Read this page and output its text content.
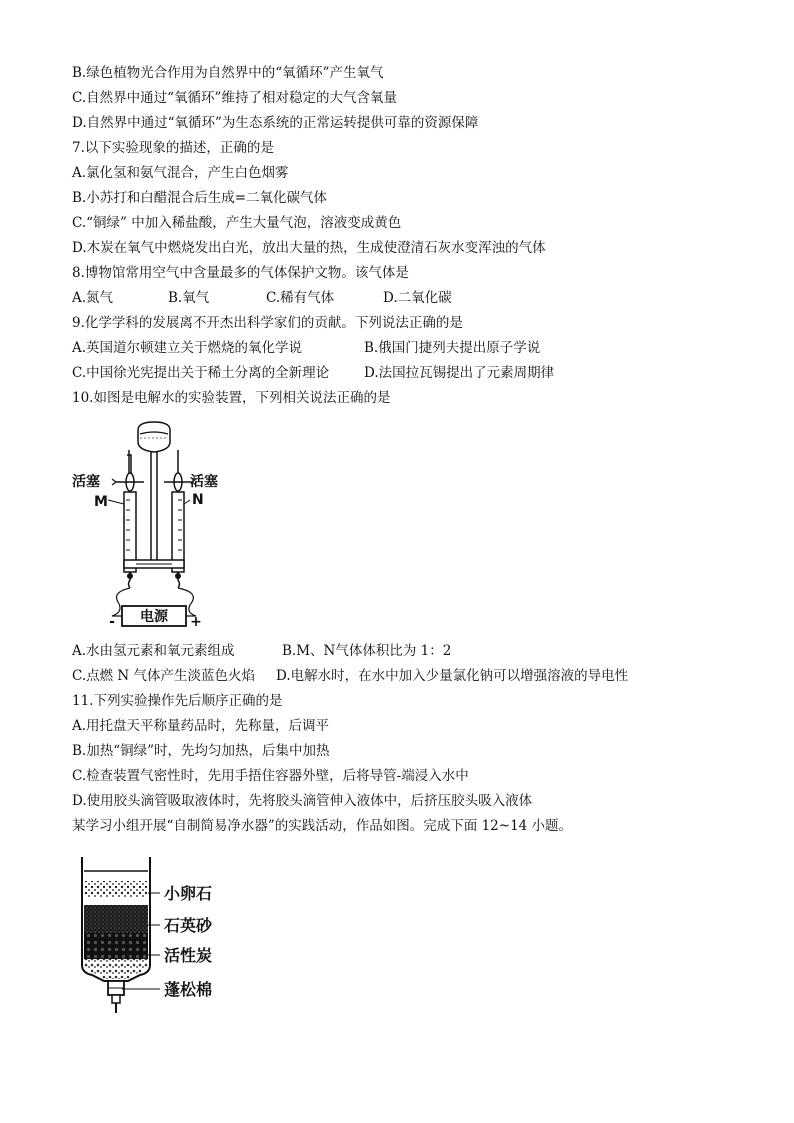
B.绿色植物光合作用为自然界中的“氧循环”产生氧气
C.自然界中通过“氧循环”维持了相对稳定的大气含氧量
D.自然界中通过“氧循环”为生态系统的正常运转提供可靠的资源保障
7.以下实验现象的描述，正确的是
A.氯化氢和氨气混合，产生白色烟雾
B.小苏打和白醋混合后生成=二氧化碳气体
C.“铜绿” 中加入稀盐酸，产生大量气泡，溶液变成黄色
D.木炭在氧气中燃烧发出白光，放出大量的热，生成使澄清石灰水变浑浊的气体
8.博物馆常用空气中含量最多的气体保护文物。该气体是
A.氮气	B.氧气	C.稀有气体	D.二氧化碳
9.化学学科的发展离不开杰出科学家们的贡献。下列说法正确的是
A.英国道尔顿建立关于燃烧的氧化学说	B.俄国门捷列夫提出原子学说
C.中国徐光宪提出关于稀土分离的全新理论	D.法国拉瓦锡提出了元素周期律
10.如图是电解水的实验装置，下列相关说法正确的是
电源
-	+
活塞	活塞
M	N
A.水由氢元素和氧元素组成	B.M、N气体体积比为 1：2
C.点燃 N 气体产生淡蓝色火焰 D.电解水时，在水中加入少量氯化钠可以增强溶液的导电性
11.下列实验操作先后顺序正确的是
A.用托盘天平称量药品时，先称量，后调平
B.加热“铜绿”时，先均匀加热，后集中加热
C.检查装置气密性时，先用手捂住容器外壁，后将导管-端浸入水中
D.使用胶头滴管吸取液体时，先将胶头滴管伸入液体中，后挤压胶头吸入液体
某学习小组开展“自制简易净水器”的实践活动，作品如图。完成下面 12~14 小题。
小卵石
石英砂
活性炭
蓬松棉
